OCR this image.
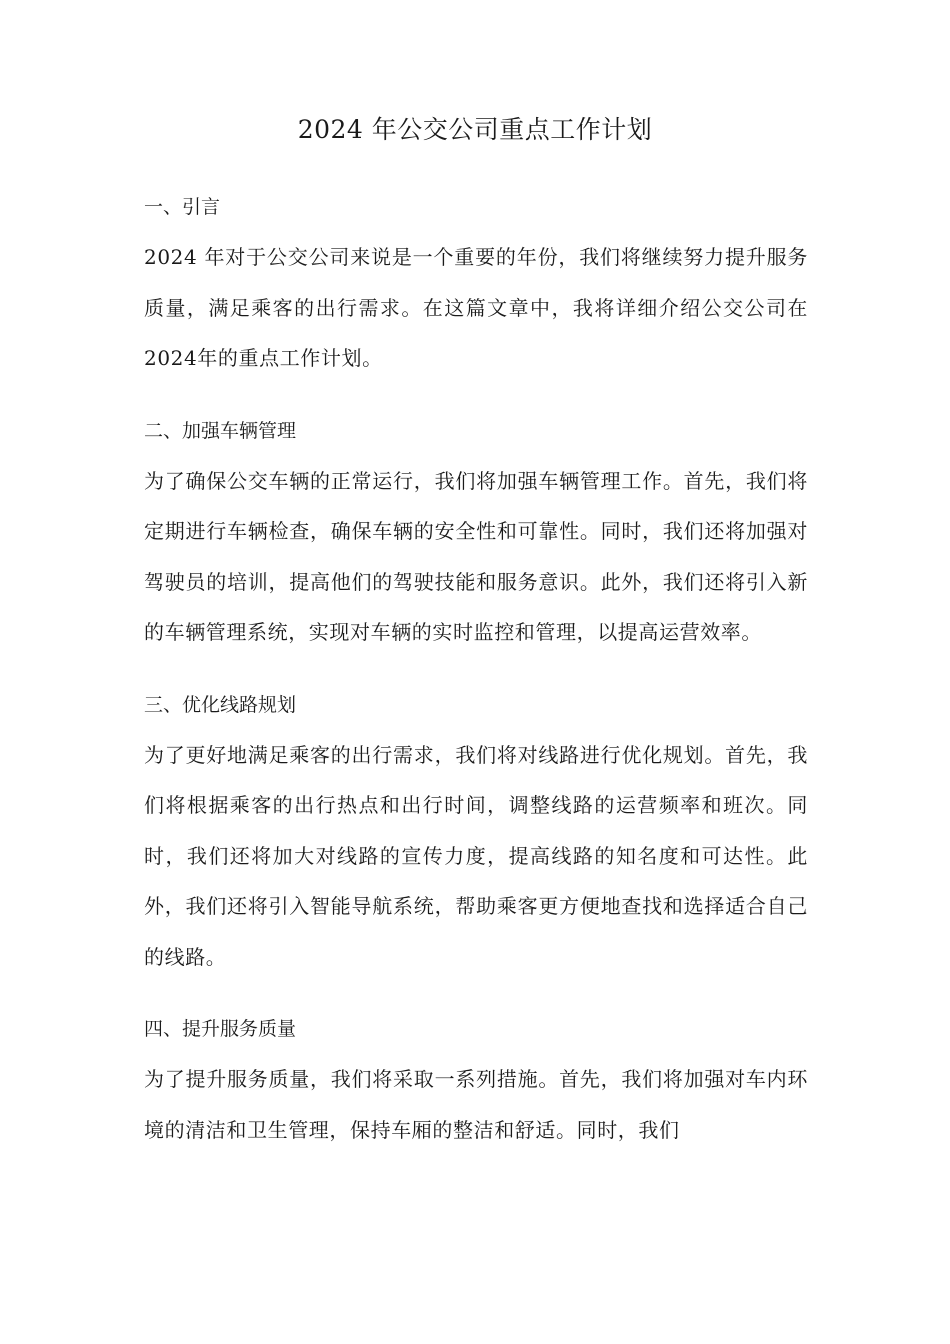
2024 年公交公司重点工作计划
一、引言

2024 年对于公交公司来说是一个重要的年份，我们将继续努力提升服务质量，满足乘客的出行需求。在这篇文章中，我将详细介绍公交公司在2024年的重点工作计划。

二、加强车辆管理

为了确保公交车辆的正常运行，我们将加强车辆管理工作。首先，我们将定期进行车辆检查，确保车辆的安全性和可靠性。同时，我们还将加强对驾驶员的培训，提高他们的驾驶技能和服务意识。此外，我们还将引入新的车辆管理系统，实现对车辆的实时监控和管理，以提高运营效率。

三、优化线路规划

为了更好地满足乘客的出行需求，我们将对线路进行优化规划。首先，我们将根据乘客的出行热点和出行时间，调整线路的运营频率和班次。同时，我们还将加大对线路的宣传力度，提高线路的知名度和可达性。此外，我们还将引入智能导航系统，帮助乘客更方便地查找和选择适合自己的线路。

四、提升服务质量

为了提升服务质量，我们将采取一系列措施。首先，我们将加强对车内环境的清洁和卫生管理，保持车厢的整洁和舒适。同时，我们
